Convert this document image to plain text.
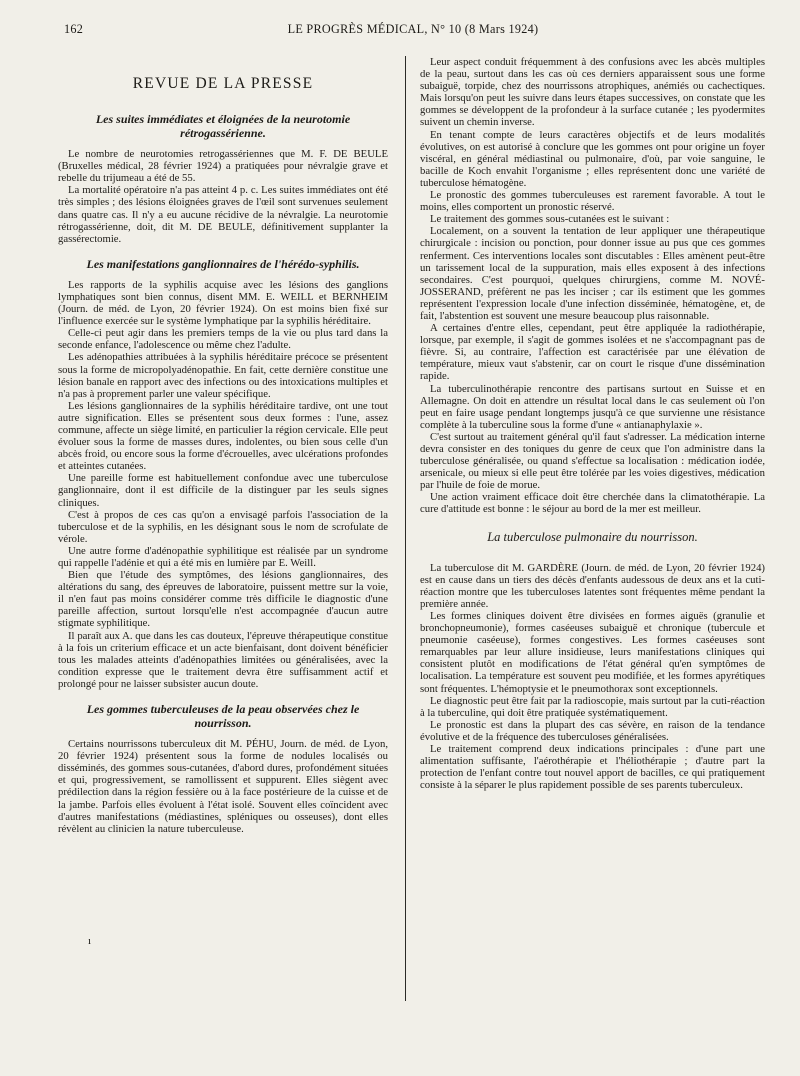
162	LE PROGRÈS MÉDICAL, N° 10 (8 Mars 1924)
REVUE DE LA PRESSE
Les suites immédiates et éloignées de la neurotomie rétrogassérienne.

Le nombre de neurotomies retrogassériennes que M. F. DE BEULE (Bruxelles médical, 28 février 1924) a pratiquées pour névralgie grave et rebelle du trijumeau a été de 55.

La mortalité opératoire n'a pas atteint 4 p. c. Les suites immédiates ont été très simples ; des lésions éloignées graves de l'œil sont survenues seulement dans quatre cas. Il n'y a eu aucune récidive de la névralgie. La neurotomie rétrogassérienne, doit, dit M. DE BEULE, définitivement supplanter la gassérectomie.

Les manifestations ganglionnaires de l'hérédo-syphilis.

Les rapports de la syphilis acquise avec les lésions des ganglions lymphatiques sont bien connus, disent MM. E. WEILL et BERNHEIM (Journ. de méd. de Lyon, 20 février 1924). On est moins bien fixé sur l'influence exercée sur le système lymphatique par la syphilis héréditaire.

Celle-ci peut agir dans les premiers temps de la vie ou plus tard dans la seconde enfance, l'adolescence ou même chez l'adulte.

Les adénopathies attribuées à la syphilis héréditaire précoce se présentent sous la forme de micropolyadénopathie. En fait, cette dernière constitue une lésion banale en rapport avec des infections ou des intoxications multiples et n'a pas à proprement parler une valeur spécifique.

Les lésions ganglionnaires de la syphilis héréditaire tardive, ont une tout autre signification. Elles se présentent sous deux formes : l'une, assez commune, affecte un siège limité, en particulier la région cervicale. Elle peut évoluer sous la forme de masses dures, indolentes, ou bien sous celle d'un abcès froid, ou encore sous la forme d'écrouelles, avec ulcérations profondes et atteintes cutanées.

Une pareille forme est habituellement confondue avec une tuberculose ganglionnaire, dont il est difficile de la distinguer par les seuls signes cliniques.

C'est à propos de ces cas qu'on a envisagé parfois l'association de la tuberculose et de la syphilis, en les désignant sous le nom de scrofulate de vérole.

Une autre forme d'adénopathie syphilitique est réalisée par un syndrome qui rappelle l'adénie et qui a été mis en lumière par E. Weill.

Bien que l'étude des symptômes, des lésions ganglionnaires, des altérations du sang, des épreuves de laboratoire, puissent mettre sur la voie, il n'en faut pas moins considérer comme très difficile le diagnostic d'une pareille affection, surtout lorsqu'elle n'est accompagnée d'aucun autre stigmate syphilitique.

Il paraît aux A. que dans les cas douteux, l'épreuve thérapeutique constitue à la fois un criterium efficace et un acte bienfaisant, dont doivent bénéficier tous les malades atteints d'adénopathies limitées ou généralisées, avec la condition expresse que le traitement devra être suffisamment actif et prolongé pour ne laisser subsister aucun doute.

Les gommes tuberculeuses de la peau observées chez le nourrisson.

Certains nourrissons tuberculeux dit M. PÉHU, Journ. de méd. de Lyon, 20 février 1924) présentent sous la forme de nodules localisés ou disséminés, des gommes sous-cutanées, d'abord dures, profondément situées et qui, progressivement, se ramollissent et suppurent. Elles siègent avec prédilection dans la région fessière ou à la face postérieure de la cuisse et de la jambe. Parfois elles évoluent à l'état isolé. Souvent elles coïncident avec d'autres manifestations (médiastines, spléniques ou osseuses), dont elles révèlent au clinicien la nature tuberculeuse.

ı

Leur aspect conduit fréquemment à des confusions avec les abcès multiples de la peau, surtout dans les cas où ces derniers apparaissent sous une forme subaiguë, torpide, chez des nourrissons atrophiques, anémiés ou cachectiques. Mais lorsqu'on peut les suivre dans leurs étapes successives, on constate que les gommes se développent de la profondeur à la surface cutanée ; les pyodermites suivent un chemin inverse.

En tenant compte de leurs caractères objectifs et de leurs modalités évolutives, on est autorisé à conclure que les gommes ont pour origine un foyer viscéral, en général médiastinal ou pulmonaire, d'où, par voie sanguine, le bacille de Koch envahit l'organisme ; elles représentent donc une variété de tuberculose hématogène.

Le pronostic des gommes tuberculeuses est rarement favorable. A tout le moins, elles comportent un pronostic réservé.

Le traitement des gommes sous-cutanées est le suivant :

Localement, on a souvent la tentation de leur appliquer une thérapeutique chirurgicale : incision ou ponction, pour donner issue au pus que ces gommes renferment. Ces interventions locales sont discutables : Elles amènent peut-être un tarissement local de la suppuration, mais elles exposent à des infections secondaires. C'est pourquoi, quelques chirurgiens, comme M. NOVÉ-JOSSERAND, préfèrent ne pas les inciser ; car ils estiment que les gommes représentent l'expression locale d'une infection disséminée, hématogène, et, de fait, l'abstention est souvent une mesure beaucoup plus raisonnable.

A certaines d'entre elles, cependant, peut être appliquée la radiothérapie, lorsque, par exemple, il s'agit de gommes isolées et ne s'accompagnant pas de fièvre. Si, au contraire, l'affection est caractérisée par une élévation de température, mieux vaut s'abstenir, car on court le risque d'une dissémination rapide.

La tuberculinothérapie rencontre des partisans surtout en Suisse et en Allemagne. On doit en attendre un résultat local dans le cas seulement où l'on peut en faire usage pendant longtemps jusqu'à ce que survienne une résistance complète à la tuberculine sous la forme d'une « antianaphylaxie ».

C'est surtout au traitement général qu'il faut s'adresser. La médication interne devra consister en des toniques du genre de ceux que l'on administre dans la tuberculose généralisée, ou quand s'effectue sa localisation : médication iodée, arsenicale, ou mieux si elle peut être tolérée par les voies digestives, médication par l'huile de foie de morue.

Une action vraiment efficace doit être cherchée dans la climatothérapie. La cure d'attitude est bonne : le séjour au bord de la mer est meilleur.

La tuberculose pulmonaire du nourrisson.

La tuberculose dit M. GARDÈRE (Journ. de méd. de Lyon, 20 février 1924) est en cause dans un tiers des décès d'enfants audessous de deux ans et la cuti-réaction montre que les tuberculoses latentes sont fréquentes même pendant la première année.

Les formes cliniques doivent être divisées en formes aiguës (granulie et bronchopneumonie), formes caséeuses subaiguë et chronique (tubercule et pneumonie caséeuse), formes congestives. Les formes caséeuses sont remarquables par leur allure insidieuse, leurs manifestations cliniques qui consistent plutôt en modifications de l'état général qu'en symptômes de localisation. La température est souvent peu modifiée, et les formes apyrétiques sont fréquentes. L'hémoptysie et le pneumothorax sont exceptionnels.

Le diagnostic peut être fait par la radioscopie, mais surtout par la cuti-réaction à la tuberculine, qui doit être pratiquée systématiquement.

Le pronostic est dans la plupart des cas sévère, en raison de la tendance évolutive et de la fréquence des tuberculoses généralisées.

Le traitement comprend deux indications principales : d'une part une alimentation suffisante, l'aérothérapie et l'héliothérapie ; d'autre part la protection de l'enfant contre tout nouvel apport de bacilles, ce qui pratiquement consiste à la séparer le plus rapidement possible de ses parents tuberculeux.
